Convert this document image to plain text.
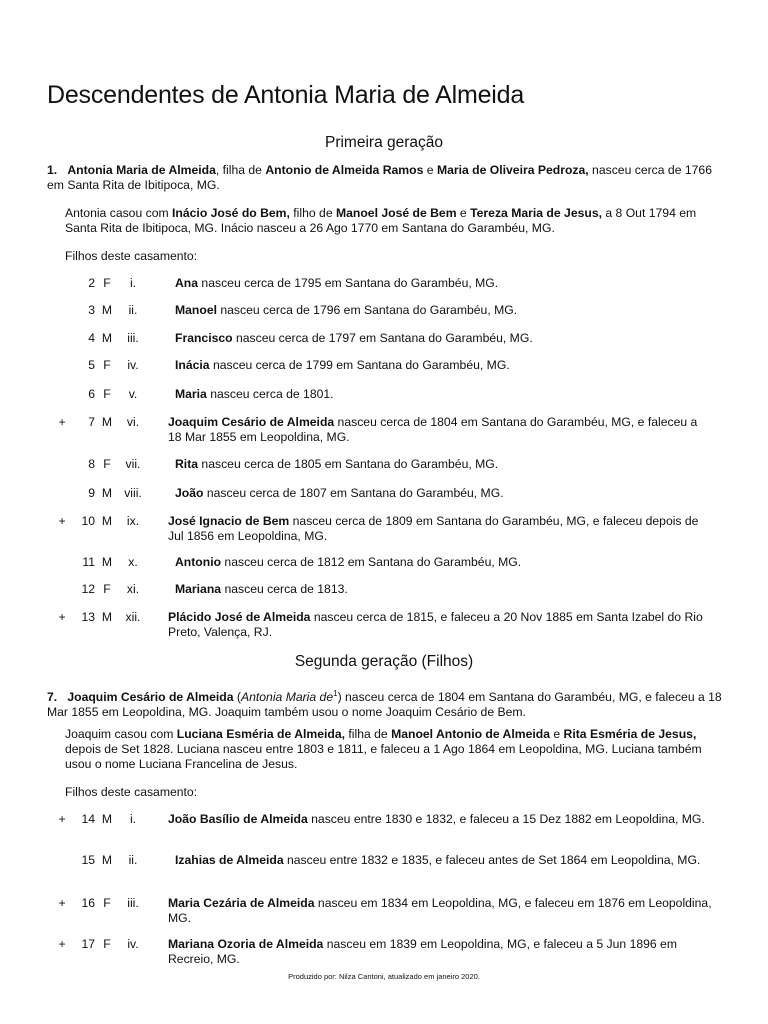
Descendentes de Antonia Maria de Almeida
Primeira geração
1. Antonia Maria de Almeida, filha de Antonio de Almeida Ramos e Maria de Oliveira Pedroza, nasceu cerca de 1766 em Santa Rita de Ibitipoca, MG.
Antonia casou com Inácio José do Bem, filho de Manoel José de Bem e Tereza Maria de Jesus, a 8 Out 1794 em Santa Rita de Ibitipoca, MG. Inácio nasceu a 26 Ago 1770 em Santana do Garambéu, MG.
Filhos deste casamento:
2 F	i.	Ana nasceu cerca de 1795 em Santana do Garambéu, MG.
3 M	ii.	Manoel nasceu cerca de 1796 em Santana do Garambéu, MG.
4 M	iii.	Francisco nasceu cerca de 1797 em Santana do Garambéu, MG.
5 F	iv.	Inácia nasceu cerca de 1799 em Santana do Garambéu, MG.
6 F	v.	Maria nasceu cerca de 1801.
+	7 M	vi.	Joaquim Cesário de Almeida nasceu cerca de 1804 em Santana do Garambéu, MG, e faleceu a 18 Mar 1855 em Leopoldina, MG.
8 F	vii.	Rita nasceu cerca de 1805 em Santana do Garambéu, MG.
9 M viii.	João nasceu cerca de 1807 em Santana do Garambéu, MG.
+	10 M	ix.	José Ignacio de Bem nasceu cerca de 1809 em Santana do Garambéu, MG, e faleceu depois de Jul 1856 em Leopoldina, MG.
11 M	x.	Antonio nasceu cerca de 1812 em Santana do Garambéu, MG.
12 F	xi.	Mariana nasceu cerca de 1813.
+	13 M	xii.	Plácido José de Almeida nasceu cerca de 1815, e faleceu a 20 Nov 1885 em Santa Izabel do Rio Preto, Valença, RJ.
Segunda geração (Filhos)
7. Joaquim Cesário de Almeida (Antonia Maria $de^1$) nasceu cerca de 1804 em Santana do Garambéu, MG, e faleceu a 18 Mar 1855 em Leopoldina, MG. Joaquim também usou o nome Joaquim Cesário de Bem.
Joaquim casou com Luciana Esméria de Almeida, filha de Manoel Antonio de Almeida e Rita Esméria de Jesus, depois de Set 1828. Luciana nasceu entre 1803 e 1811, e faleceu a 1 Ago 1864 em Leopoldina, MG. Luciana também usou o nome Luciana Francelina de Jesus.
Filhos deste casamento:
+	14 M	i.	João Basílio de Almeida nasceu entre 1830 e 1832, e faleceu a 15 Dez 1882 em Leopoldina, MG.
15 M	ii.	Izahias de Almeida nasceu entre 1832 e 1835, e faleceu antes de Set 1864 em Leopoldina, MG.
+	16 F	iii.	Maria Cezária de Almeida nasceu em 1834 em Leopoldina, MG, e faleceu em 1876 em Leopoldina, MG.
+	17 F	iv.	Mariana Ozoria de Almeida nasceu em 1839 em Leopoldina, MG, e faleceu a 5 Jun 1896 em Recreio, MG.
Produzido por: Nilza Cantoni, atualizado em janeiro 2020.
